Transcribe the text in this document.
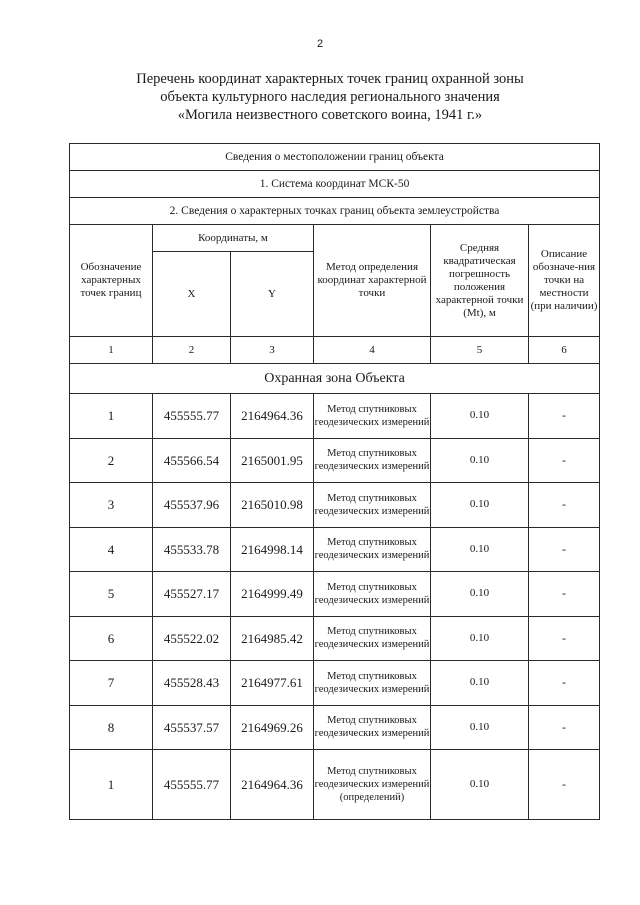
2
Перечень координат характерных точек границ охранной зоны
объекта культурного наследия регионального значения
«Могила неизвестного советского воина, 1941 г.»
Сведения о местоположении границ объекта					
1. Система координат МСК-50					
2. Сведения о характерных точках границ объекта землеустройства					
Обозначение характерных точек границ	Координаты, м		Метод определения координат характерной точки	Средняя квадратическая погрешность положения характерной точки (Mt), м	Описание обозначе-ния точки на местности (при наличии)
	X	Y			
1	2	3	4	5	6
Охранная зона Объекта					
1	455555.77	2164964.36	Метод спутниковых геодезических измерений	0.10	-
2	455566.54	2165001.95	Метод спутниковых геодезических измерений	0.10	-
3	455537.96	2165010.98	Метод спутниковых геодезических измерений	0.10	-
4	455533.78	2164998.14	Метод спутниковых геодезических измерений	0.10	-
5	455527.17	2164999.49	Метод спутниковых геодезических измерений	0.10	-
6	455522.02	2164985.42	Метод спутниковых геодезических измерений	0.10	-
7	455528.43	2164977.61	Метод спутниковых геодезических измерений	0.10	-
8	455537.57	2164969.26	Метод спутниковых геодезических измерений	0.10	-
1	455555.77	2164964.36	Метод спутниковых геодезических измерений (определений)	0.10	-
